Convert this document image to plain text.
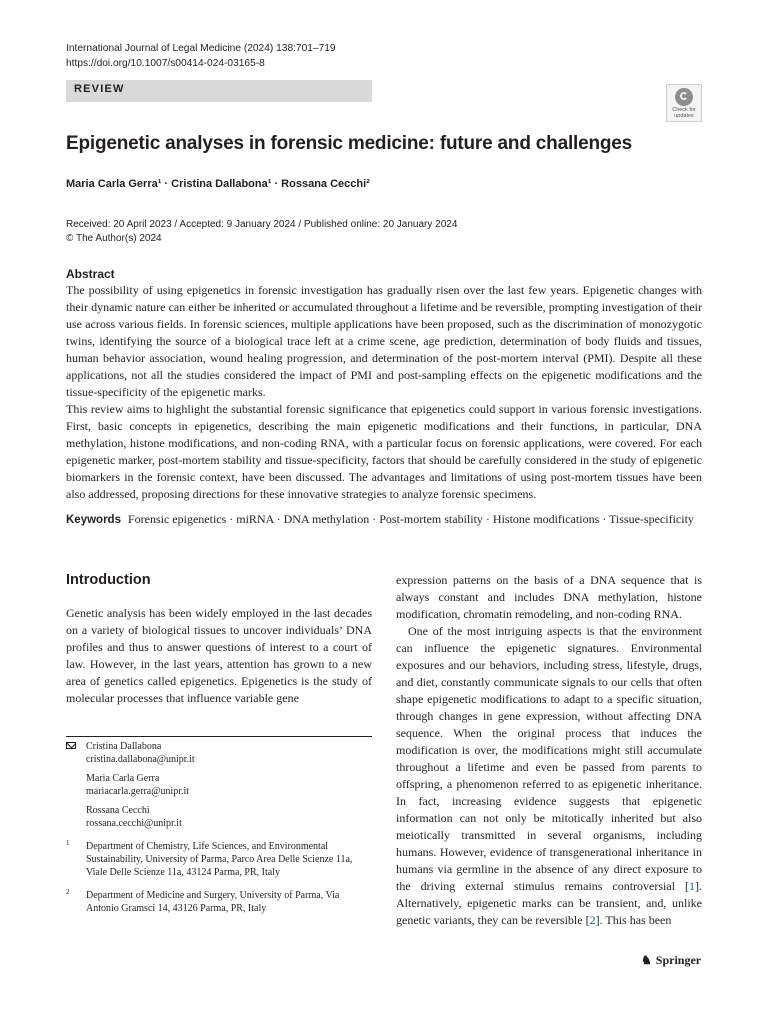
International Journal of Legal Medicine (2024) 138:701–719
https://doi.org/10.1007/s00414-024-03165-8
REVIEW
Check for
updates
Epigenetic analyses in forensic medicine: future and challenges
Maria Carla Gerra¹ · Cristina Dallabona¹ · Rossana Cecchi²
Received: 20 April 2023 / Accepted: 9 January 2024 / Published online: 20 January 2024
© The Author(s) 2024
Abstract

The possibility of using epigenetics in forensic investigation has gradually risen over the last few years. Epigenetic changes with their dynamic nature can either be inherited or accumulated throughout a lifetime and be reversible, prompting investigation of their use across various fields. In forensic sciences, multiple applications have been proposed, such as the discrimination of monozygotic twins, identifying the source of a biological trace left at a crime scene, age prediction, determination of body fluids and tissues, human behavior association, wound healing progression, and determination of the post-mortem interval (PMI). Despite all these applications, not all the studies considered the impact of PMI and post-sampling effects on the epigenetic modifications and the tissue-specificity of the epigenetic marks.

This review aims to highlight the substantial forensic significance that epigenetics could support in various forensic investigations. First, basic concepts in epigenetics, describing the main epigenetic modifications and their functions, in particular, DNA methylation, histone modifications, and non-coding RNA, with a particular focus on forensic applications, were covered. For each epigenetic marker, post-mortem stability and tissue-specificity, factors that should be carefully considered in the study of epigenetic biomarkers in the forensic context, have been discussed. The advantages and limitations of using post-mortem tissues have been also addressed, proposing directions for these innovative strategies to analyze forensic specimens.

Keywords Forensic epigenetics · miRNA · DNA methylation · Post-mortem stability · Histone modifications · Tissue-specificity
Introduction
Genetic analysis has been widely employed in the last decades on a variety of biological tissues to uncover individuals’ DNA profiles and thus to answer questions of interest to a court of law. However, in the last years, attention has grown to a new area of genetics called epigenetics. Epigenetics is the study of molecular processes that influence variable gene

expression patterns on the basis of a DNA sequence that is always constant and includes DNA methylation, histone modification, chromatin remodeling, and non-coding RNA.

One of the most intriguing aspects is that the environment can influence the epigenetic signatures. Environmental exposures and our behaviors, including stress, lifestyle, drugs, and diet, constantly communicate signals to our cells that often shape epigenetic modifications to adapt to a specific situation, through changes in gene expression, without affecting DNA sequence. When the original process that induces the modification is over, the modifications might still accumulate throughout a lifetime and even be passed from parents to offspring, a phenomenon referred to as epigenetic inheritance. In fact, increasing evidence suggests that epigenetic information can not only be mitotically inherited but also meiotically transmitted in several organisms, including humans. However, evidence of transgenerational inheritance in humans via germline in the absence of any direct exposure to the driving external stimulus remains controversial [1]. Alternatively, epigenetic marks can be transient, and, unlike genetic variants, they can be reversible [2]. This has been

Cristina Dallabona
cristina.dallabona@unipr.it
Maria Carla Gerra
mariacarla.gerra@unipr.it
Rossana Cecchi
rossana.cecchi@unipr.it
1 Department of Chemistry, Life Sciences, and Environmental Sustainability, University of Parma, Parco Area Delle Scienze 11a, Viale Delle Scienze 11a, 43124 Parma, PR, Italy
2 Department of Medicine and Surgery, University of Parma, Via Antonio Gramsci 14, 43126 Parma, PR, Italy
♞ Springer
